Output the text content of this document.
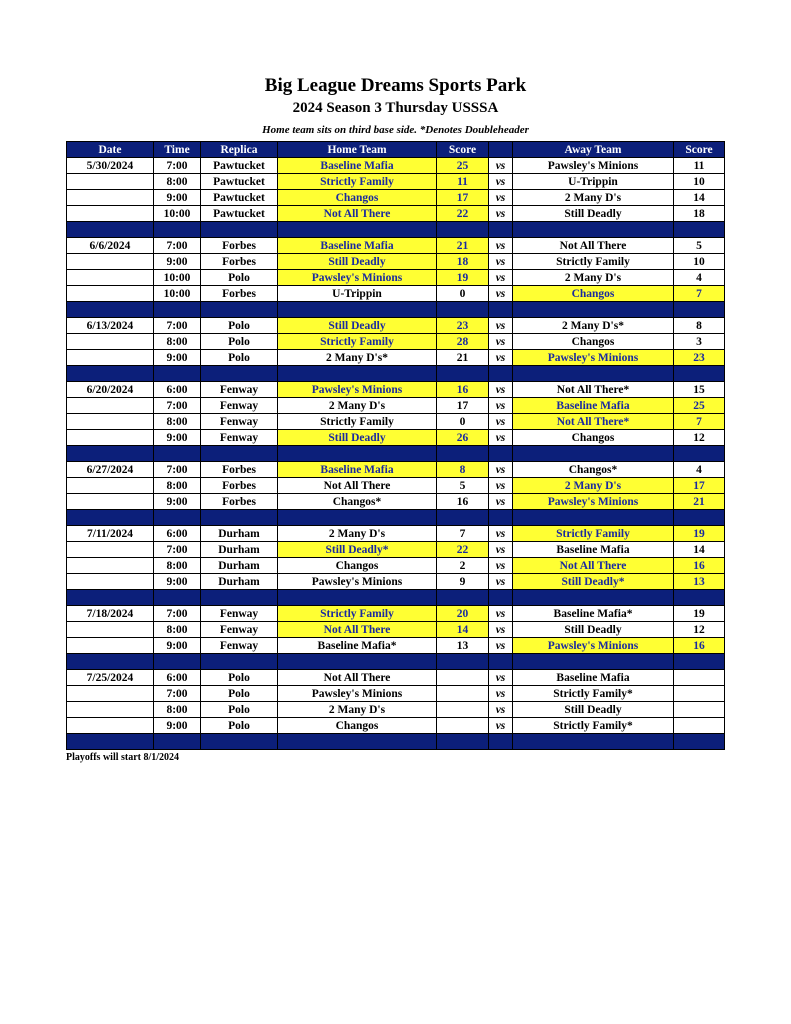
Big League Dreams Sports Park
2024 Season 3 Thursday USSSA
Home team sits on third base side. *Denotes Doubleheader
Date	Time	Replica	Home Team	Score		Away Team	Score
5/30/2024	7:00	Pawtucket	Baseline Mafia	25	vs	Pawsley's Minions	11
	8:00	Pawtucket	Strictly Family	11	vs	U-Trippin	10
	9:00	Pawtucket	Changos	17	vs	2 Many D's	14
	10:00	Pawtucket	Not All There	22	vs	Still Deadly	18

6/6/2024	7:00	Forbes	Baseline Mafia	21	vs	Not All There	5
	9:00	Forbes	Still Deadly	18	vs	Strictly Family	10
	10:00	Polo	Pawsley's Minions	19	vs	2 Many D's	4
	10:00	Forbes	U-Trippin	0	vs	Changos	7

6/13/2024	7:00	Polo	Still Deadly	23	vs	2 Many D's*	8
	8:00	Polo	Strictly Family	28	vs	Changos	3
	9:00	Polo	2 Many D's*	21	vs	Pawsley's Minions	23

6/20/2024	6:00	Fenway	Pawsley's Minions	16	vs	Not All There*	15
	7:00	Fenway	2 Many D's	17	vs	Baseline Mafia	25
	8:00	Fenway	Strictly Family	0	vs	Not All There*	7
	9:00	Fenway	Still Deadly	26	vs	Changos	12

6/27/2024	7:00	Forbes	Baseline Mafia	8	vs	Changos*	4
	8:00	Forbes	Not All There	5	vs	2 Many D's	17
	9:00	Forbes	Changos*	16	vs	Pawsley's Minions	21

7/11/2024	6:00	Durham	2 Many D's	7	vs	Strictly Family	19
	7:00	Durham	Still Deadly*	22	vs	Baseline Mafia	14
	8:00	Durham	Changos	2	vs	Not All There	16
	9:00	Durham	Pawsley's Minions	9	vs	Still Deadly*	13

7/18/2024	7:00	Fenway	Strictly Family	20	vs	Baseline Mafia*	19
	8:00	Fenway	Not All There	14	vs	Still Deadly	12
	9:00	Fenway	Baseline Mafia*	13	vs	Pawsley's Minions	16

7/25/2024	6:00	Polo	Not All There		vs	Baseline Mafia	
	7:00	Polo	Pawsley's Minions		vs	Strictly Family*	
	8:00	Polo	2 Many D's		vs	Still Deadly	
	9:00	Polo	Changos		vs	Strictly Family*	

Playoffs will start 8/1/2024
